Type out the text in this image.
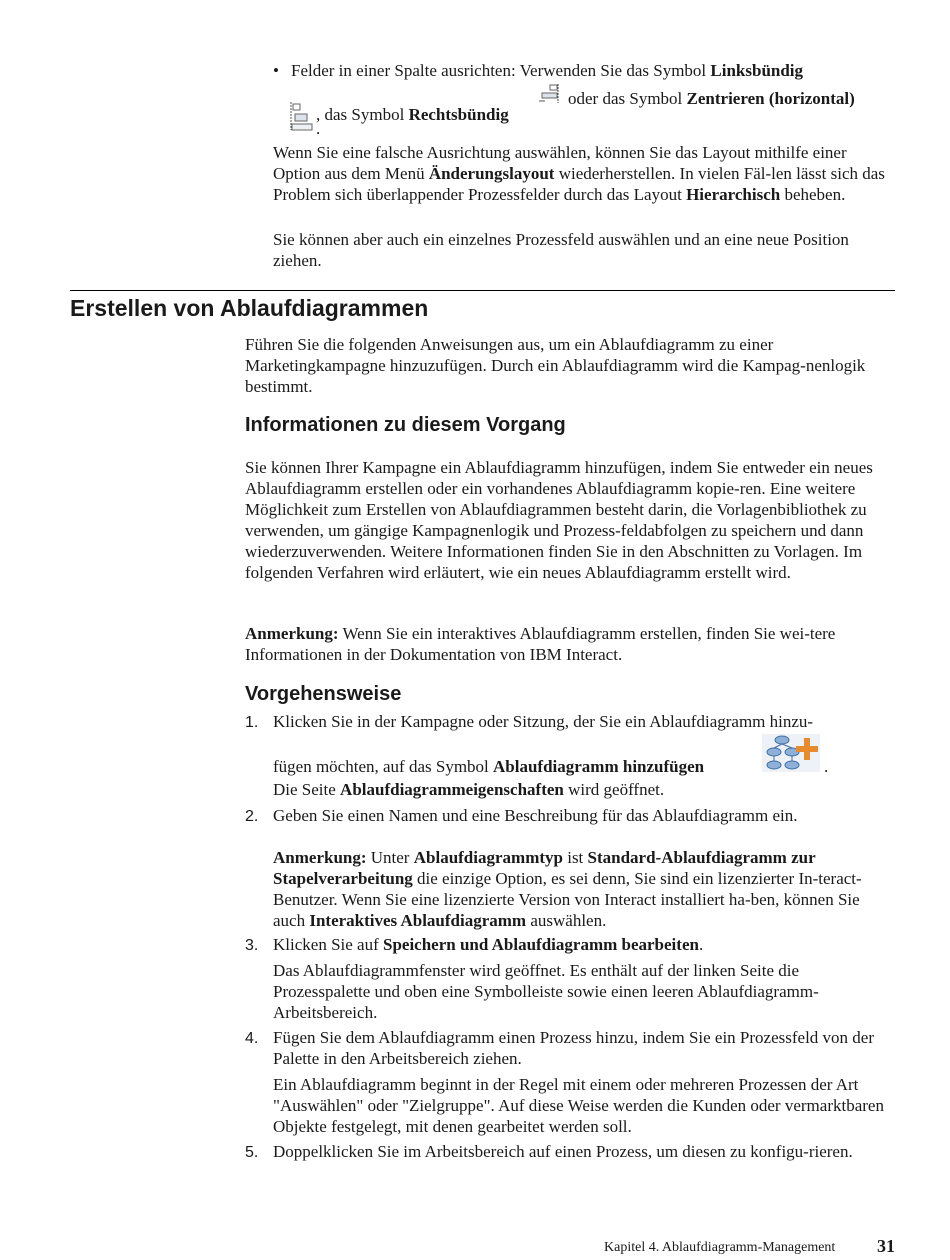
• Felder in einer Spalte ausrichten: Verwenden Sie das Symbol Linksbündig
oder das Symbol Zentrieren (horizontal)
, das Symbol Rechtsbündig
.

Wenn Sie eine falsche Ausrichtung auswählen, können Sie das Layout mithilfe einer Option aus dem Menü Änderungslayout wiederherstellen. In vielen Fäl-len lässt sich das Problem sich überlappender Prozessfelder durch das Layout Hierarchisch beheben.

Sie können aber auch ein einzelnes Prozessfeld auswählen und an eine neue Position ziehen.

Erstellen von Ablaufdiagrammen

Führen Sie die folgenden Anweisungen aus, um ein Ablaufdiagramm zu einer Marketingkampagne hinzuzufügen. Durch ein Ablaufdiagramm wird die Kampag-nenlogik bestimmt.

Informationen zu diesem Vorgang

Sie können Ihrer Kampagne ein Ablaufdiagramm hinzufügen, indem Sie entweder ein neues Ablaufdiagramm erstellen oder ein vorhandenes Ablaufdiagramm kopie-ren. Eine weitere Möglichkeit zum Erstellen von Ablaufdiagrammen besteht darin, die Vorlagenbibliothek zu verwenden, um gängige Kampagnenlogik und Prozess-feldabfolgen zu speichern und dann wiederzuverwenden. Weitere Informationen finden Sie in den Abschnitten zu Vorlagen. Im folgenden Verfahren wird erläutert, wie ein neues Ablaufdiagramm erstellt wird.

Anmerkung: Wenn Sie ein interaktives Ablaufdiagramm erstellen, finden Sie wei-tere Informationen in der Dokumentation von IBM Interact.

Vorgehensweise
1. Klicken Sie in der Kampagne oder Sitzung, der Sie ein Ablaufdiagramm hinzu-
fügen möchten, auf das Symbol Ablaufdiagramm hinzufügen	.
Die Seite Ablaufdiagrammeigenschaften wird geöffnet.
2. Geben Sie einen Namen und eine Beschreibung für das Ablaufdiagramm ein.

Anmerkung: Unter Ablaufdiagrammtyp ist Standard-Ablaufdiagramm zur Stapelverarbeitung die einzige Option, es sei denn, Sie sind ein lizenzierter In-teract-Benutzer. Wenn Sie eine lizenzierte Version von Interact installiert ha-ben, können Sie auch Interaktives Ablaufdiagramm auswählen.

3. Klicken Sie auf Speichern und Ablaufdiagramm bearbeiten.

Das Ablaufdiagrammfenster wird geöffnet. Es enthält auf der linken Seite die Prozesspalette und oben eine Symbolleiste sowie einen leeren Ablaufdiagramm-Arbeitsbereich.

4. Fügen Sie dem Ablaufdiagramm einen Prozess hinzu, indem Sie ein Prozessfeld von der Palette in den Arbeitsbereich ziehen.

Ein Ablaufdiagramm beginnt in der Regel mit einem oder mehreren Prozessen der Art "Auswählen" oder "Zielgruppe". Auf diese Weise werden die Kunden oder vermarktbaren Objekte festgelegt, mit denen gearbeitet werden soll.

5. Doppelklicken Sie im Arbeitsbereich auf einen Prozess, um diesen zu konfigu-rieren.

Kapitel 4. Ablaufdiagramm-Management 31
